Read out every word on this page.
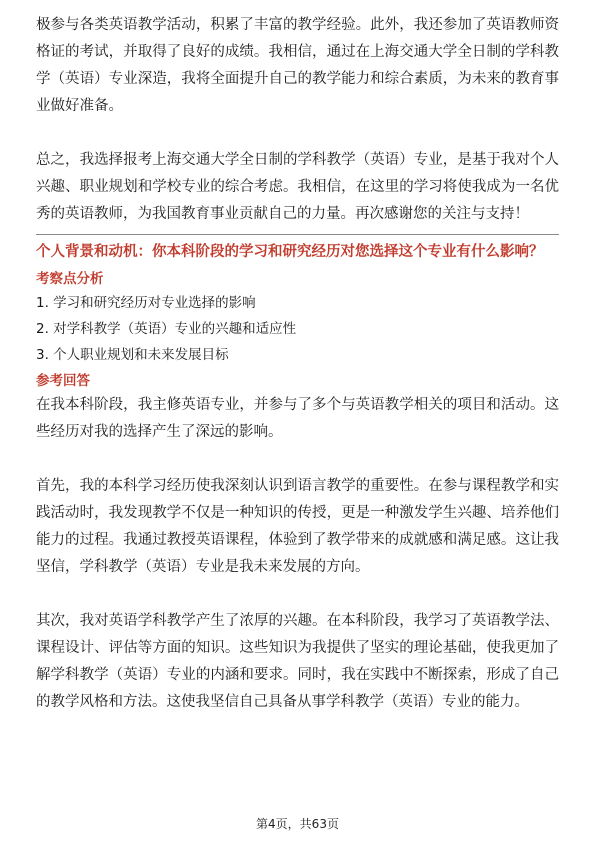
极参与各类英语教学活动，积累了丰富的教学经验。此外，我还参加了英语教师资格证的考试，并取得了良好的成绩。我相信，通过在上海交通大学全日制的学科教学（英语）专业深造，我将全面提升自己的教学能力和综合素质，为未来的教育事业做好准备。

总之，我选择报考上海交通大学全日制的学科教学（英语）专业，是基于我对个人兴趣、职业规划和学校专业的综合考虑。我相信，在这里的学习将使我成为一名优秀的英语教师，为我国教育事业贡献自己的力量。再次感谢您的关注与支持！

个人背景和动机：你本科阶段的学习和研究经历对您选择这个专业有什么影响？

考察点分析

1. 学习和研究经历对专业选择的影响
2. 对学科教学（英语）专业的兴趣和适应性
3. 个人职业规划和未来发展目标

参考回答

在我本科阶段，我主修英语专业，并参与了多个与英语教学相关的项目和活动。这些经历对我的选择产生了深远的影响。

首先，我的本科学习经历使我深刻认识到语言教学的重要性。在参与课程教学和实践活动时，我发现教学不仅是一种知识的传授，更是一种激发学生兴趣、培养他们能力的过程。我通过教授英语课程，体验到了教学带来的成就感和满足感。这让我坚信，学科教学（英语）专业是我未来发展的方向。

其次，我对英语学科教学产生了浓厚的兴趣。在本科阶段，我学习了英语教学法、课程设计、评估等方面的知识。这些知识为我提供了坚实的理论基础，使我更加了解学科教学（英语）专业的内涵和要求。同时，我在实践中不断探索，形成了自己的教学风格和方法。这使我坚信自己具备从事学科教学（英语）专业的能力。

第4页，共63页
